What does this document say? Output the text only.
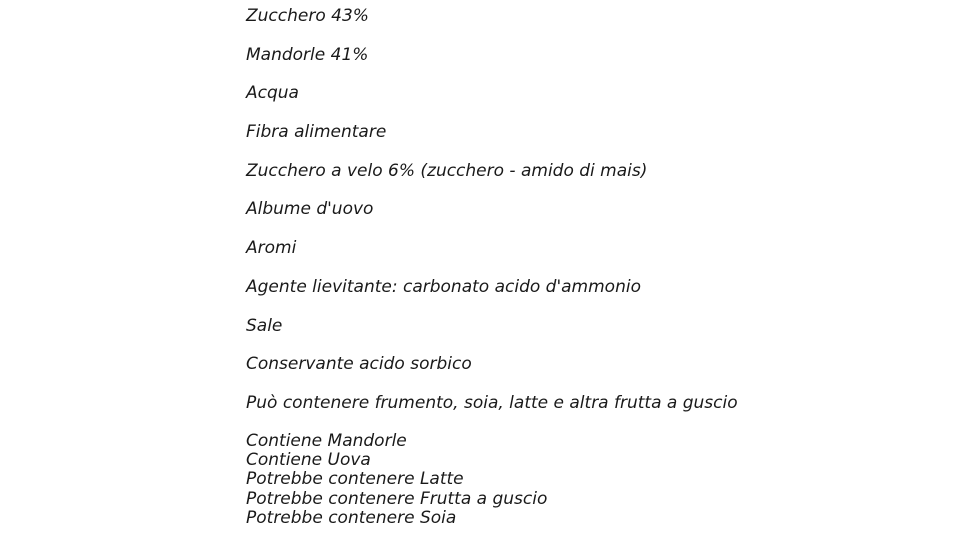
Zucchero 43%
Mandorle 41%
Acqua
Fibra alimentare
Zucchero a velo 6% (zucchero - amido di mais)
Albume d'uovo
Aromi
Agente lievitante: carbonato acido d'ammonio
Sale
Conservante acido sorbico
Può contenere frumento, soia, latte e altra frutta a guscio
Contiene Mandorle
Contiene Uova
Potrebbe contenere Latte
Potrebbe contenere Frutta a guscio
Potrebbe contenere Soia
